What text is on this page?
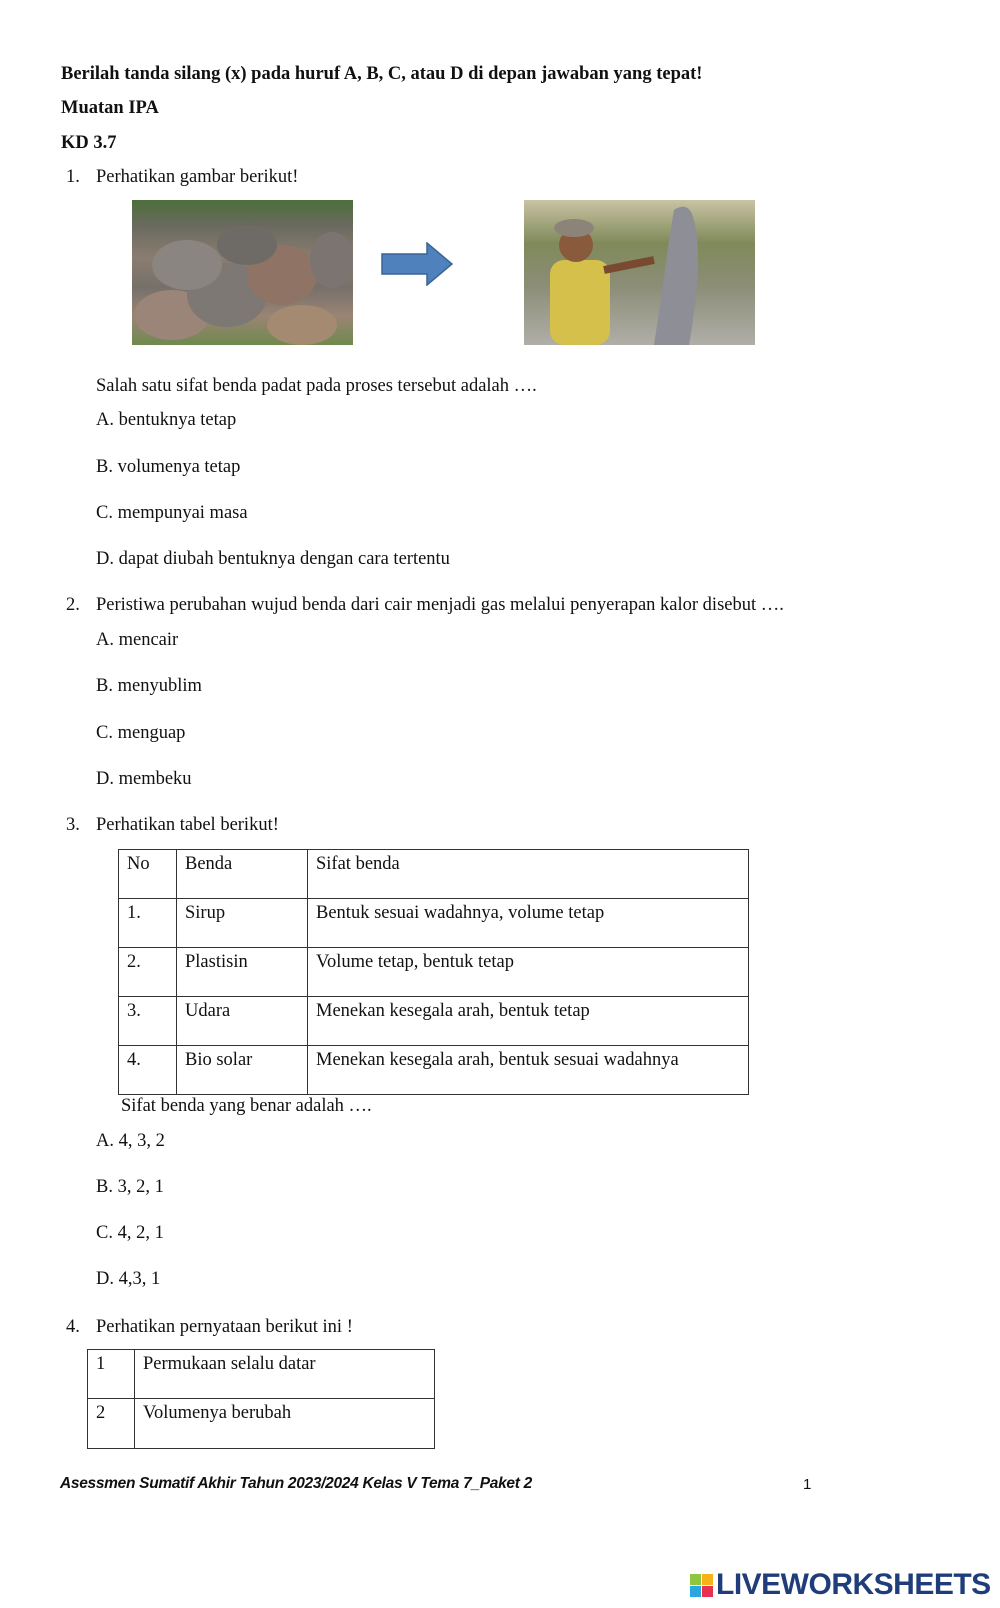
Berilah tanda silang (x) pada huruf A, B, C, atau D di depan jawaban yang tepat!
Muatan IPA
KD 3.7
1. Perhatikan gambar berikut!
Salah satu sifat benda padat pada proses tersebut adalah ….
A. bentuknya tetap
B. volumenya tetap
C. mempunyai masa
D. dapat diubah bentuknya dengan cara tertentu
2. Peristiwa perubahan wujud benda dari cair menjadi gas melalui penyerapan kalor disebut ….
A. mencair
B. menyublim
C. menguap
D. membeku
3. Perhatikan tabel berikut!
No	Benda	Sifat benda
1.	Sirup	Bentuk sesuai wadahnya, volume tetap
2.	Plastisin	Volume tetap, bentuk tetap
3.	Udara	Menekan kesegala arah, bentuk tetap
4.	Bio solar	Menekan kesegala arah, bentuk sesuai wadahnya
Sifat benda yang benar adalah ….
A. 4, 3, 2
B. 3, 2, 1
C. 4, 2, 1
D. 4,3, 1
4. Perhatikan pernyataan berikut ini !
1	Permukaan selalu datar
2	Volumenya berubah
Asessmen Sumatif Akhir Tahun 2023/2024 Kelas V Tema 7_Paket 2	1
LIVEWORKSHEETS
